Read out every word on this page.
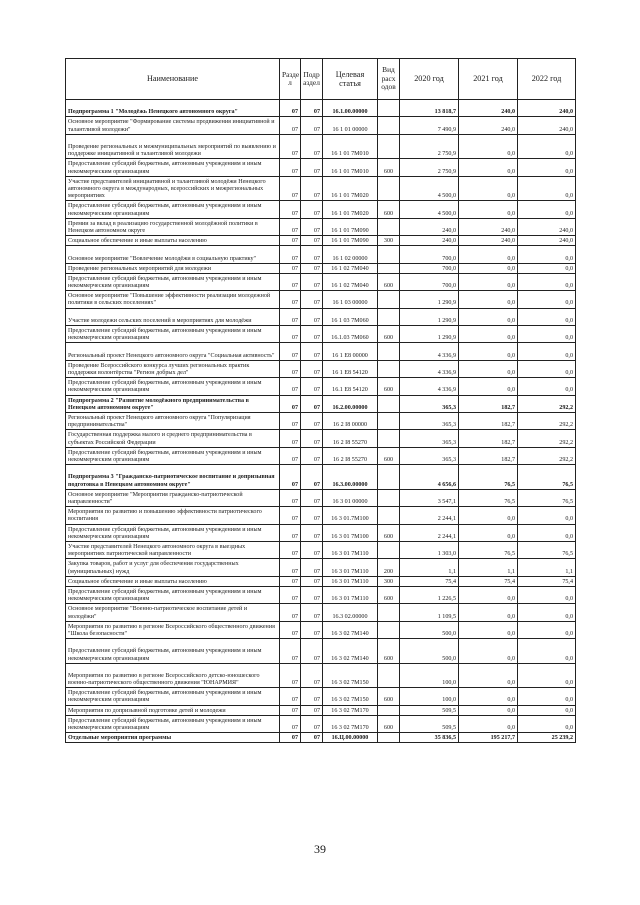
Наименование	Разде л	Подр аздел	Целевая статья	Вид расх одов	2020 год	2021 год	2022 год
Подпрограмма 1 "Молодёжь Ненецкого автономного округа"	07	07	16.1.00.00000		13 818,7	240,0	240,0
Основное мероприятие "Формирование системы продвижения инициативной и талантливой молодежи"	07	07	16 1 01 00000		7 490,9	240,0	240,0
Проведение региональных и межмуниципальных мероприятий по выявлению и поддержке инициативной и талантливой молодежи	07	07	16 1 01 7М010		2 750,9	0,0	0,0
Предоставление субсидий бюджетным, автономным учреждениям и иным некоммерческим организациям	07	07	16 1 01 7М010	600	2 750,9	0,0	0,0
Участие представителей инициативной и талантливой молодёжи Ненецкого автономного округа в международных, всероссийских и межрегиональных мероприятиях	07	07	16 1 01 7М020		4 500,0	0,0	0,0
Предоставление субсидий бюджетным, автономным учреждениям и иным некоммерческим организациям	07	07	16 1 01 7М020	600	4 500,0	0,0	0,0
Премии за вклад в реализацию государственной молодёжной политики в Ненецком автономном округе	07	07	16 1 01 7М090		240,0	240,0	240,0
Социальное обеспечение и иные выплаты населению	07	07	16 1 01 7М090	300	240,0	240,0	240,0
Основное мероприятие "Вовлечение молодёжи в социальную практику"	07	07	16 1 02 00000		700,0	0,0	0,0
Проведение региональных мероприятий для молодежи	07	07	16 1 02 7М040		700,0	0,0	0,0
Предоставление субсидий бюджетным, автономным учреждениям и иным некоммерческим организациям	07	07	16 1 02 7М040	600	700,0	0,0	0,0
Основное мероприятие "Повышение эффективности реализации молодежной политики в сельских поселениях"	07	07	16 1 03 00000		1 290,9	0,0	0,0
Участие молодежи сельских поселений в мероприятиях для молодёжи	07	07	16 1 03 7М060		1 290,9	0,0	0,0
Предоставление субсидий бюджетным, автономным учреждениям и иным некоммерческим организациям	07	07	16.1.03 7М060	600	1 290,9	0,0	0,0
Региональный проект Ненецкого автономного округа "Социальная активность"	07	07	16 1 E8 00000		4 336,9	0,0	0,0
Проведение Всероссийского конкурса лучших региональных практик поддержки волонтёрства "Регион добрых дел"	07	07	16 1 E8 54120		4 336,9	0,0	0,0
Предоставление субсидий бюджетным, автономным учреждениям и иным некоммерческим организациям	07	07	16.1 E8 54120	600	4 336,9	0,0	0,0
Подпрограмма 2 "Развитие молодёжного предпринимательства в Ненецком автономном округе"	07	07	16.2.00.00000		365,3	182,7	292,2
Региональный проект Ненецкого автономного округа "Популяризация предпринимательства"	07	07	16 2 I8 00000		365,3	182,7	292,2
Государственная поддержка малого и среднего предпринимательства в субъектах Российской Федерации	07	07	16 2 I8 55270		365,3	182,7	292,2
Предоставление субсидий бюджетным, автономным учреждениям и иным некоммерческим организациям	07	07	16 2 I8 55270	600	365,3	182,7	292,2
Подпрограмма 3 "Гражданско-патриотическое воспитание и допризывная подготовка в Ненецком автономном округе"	07	07	16.3.00.00000		4 656,6	76,5	76,5
Основное мероприятие "Мероприятия гражданско-патриотической направленности"	07	07	16 3 01 00000		3 547,1	76,5	76,5
Мероприятия по развитию и повышению эффективности патриотического воспитания	07	07	16 3 01.7М100		2 244,1	0,0	0,0
Предоставление субсидий бюджетным, автономным учреждениям и иным некоммерческим организациям	07	07	16 3 01 7М100	600	2 244,1	0,0	0,0
Участие представителей Ненецкого автономного округа в выездных мероприятиях патриотической направленности	07	07	16 3 01 7М110		1 303,0	76,5	76,5
Закупка товаров, работ и услуг для обеспечения государственных (муниципальных) нужд	07	07	16 3 01 7М110	200	1,1	1,1	1,1
Социальное обеспечение и иные выплаты населению	07	07	16 3 01 7М110	300	75,4	75,4	75,4
Предоставление субсидий бюджетным, автономным учреждениям и иным некоммерческим организациям	07	07	16 3 01 7М110	600	1 226,5	0,0	0,0
Основное мероприятие "Военно-патриотическое воспитание детей и молодёжи"	07	07	16.3 02.00000		1 109,5	0,0	0,0
Мероприятия по развитию в регионе Всероссийского общественного движения "Школа безопасности"	07	07	16 3 02 7М140		500,0	0,0	0,0
Предоставление субсидий бюджетным, автономным учреждениям и иным некоммерческим организациям	07	07	16 3 02 7М140	600	500,0	0,0	0,0
Мероприятия по развитию в регионе Всероссийского детско-юношеского военно-патриотического общественного движения "ЮНАРМИЯ"	07	07	16 3 02 7М150		100,0	0,0	0,0
Предоставление субсидий бюджетным, автономным учреждениям и иным некоммерческим организациям	07	07	16 3 02 7М150	600	100,0	0,0	0,0
Мероприятия по допризывной подготовке детей и молодежи	07	07	16 3 02 7М170		509,5	0,0	0,0
Предоставление субсидий бюджетным, автономным учреждениям и иным некоммерческим организациям	07	07	16 3 02 7М170	600	509,5	0,0	0,0
Отдельные мероприятия программы	07	07	16.Ц.00.00000		35 836,5	195 217,7	25 239,2
39
